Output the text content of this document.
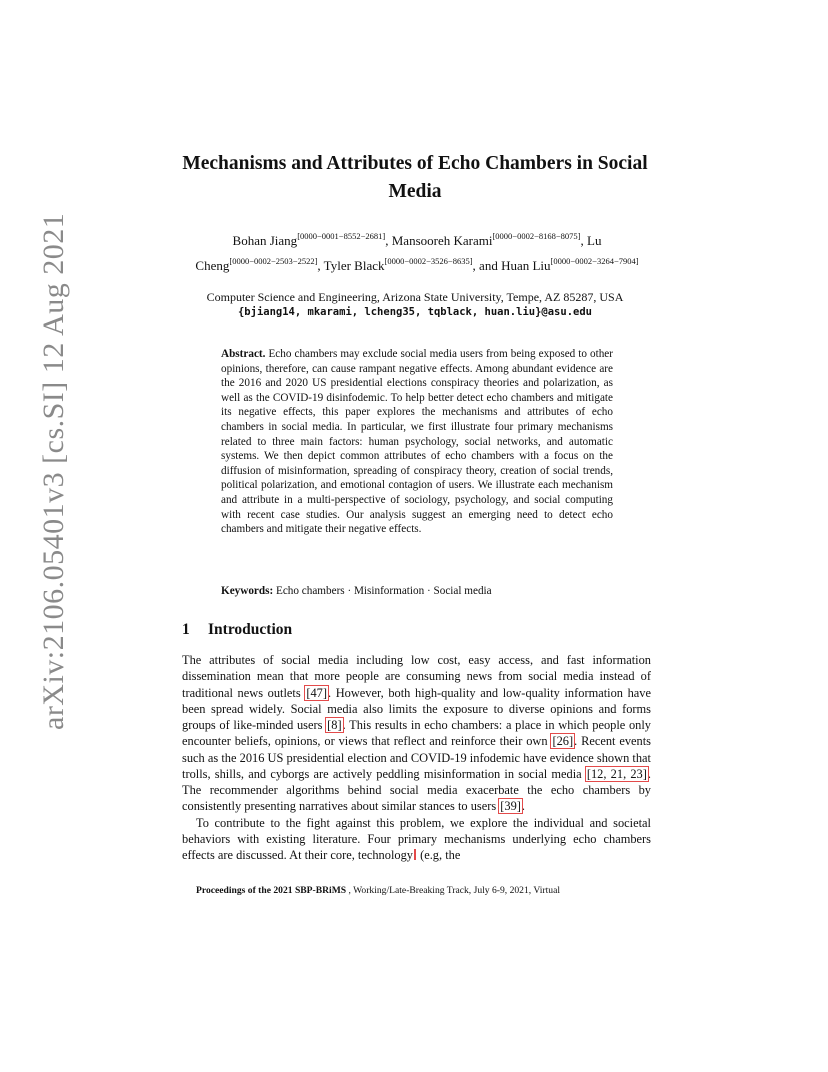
arXiv:2106.05401v3 [cs.SI] 12 Aug 2021
Mechanisms and Attributes of Echo Chambers in Social Media
Bohan Jiang[0000−0001−8552−2681], Mansooreh Karami[0000−0002−8168−8075], Lu Cheng[0000−0002−2503−2522], Tyler Black[0000−0002−3526−8635], and Huan Liu[0000−0002−3264−7904]
Computer Science and Engineering, Arizona State University, Tempe, AZ 85287, USA
{bjiang14, mkarami, lcheng35, tqblack, huan.liu}@asu.edu
Abstract. Echo chambers may exclude social media users from being exposed to other opinions, therefore, can cause rampant negative effects. Among abundant evidence are the 2016 and 2020 US presidential elections conspiracy theories and polarization, as well as the COVID-19 disinfodemic. To help better detect echo chambers and mitigate its negative effects, this paper explores the mechanisms and attributes of echo chambers in social media. In particular, we first illustrate four primary mechanisms related to three main factors: human psychology, social networks, and automatic systems. We then depict common attributes of echo chambers with a focus on the diffusion of misinformation, spreading of conspiracy theory, creation of social trends, political polarization, and emotional contagion of users. We illustrate each mechanism and attribute in a multi-perspective of sociology, psychology, and social computing with recent case studies. Our analysis suggest an emerging need to detect echo chambers and mitigate their negative effects.
Keywords: Echo chambers · Misinformation · Social media
1 Introduction

The attributes of social media including low cost, easy access, and fast information dissemination mean that more people are consuming news from social media instead of traditional news outlets [47]. However, both high-quality and low-quality information have been spread widely. Social media also limits the exposure to diverse opinions and forms groups of like-minded users [8]. This results in echo chambers: a place in which people only encounter beliefs, opinions, or views that reflect and reinforce their own [26]. Recent events such as the 2016 US presidential election and COVID-19 infodemic have evidence shown that trolls, shills, and cyborgs are actively peddling misinformation in social media [12, 21, 23]. The recommender algorithms behind social media exacerbate the echo chambers by consistently presenting narratives about similar stances to users [39].

To contribute to the fight against this problem, we explore the individual and societal behaviors with existing literature. Four primary mechanisms underlying echo chambers effects are discussed. At their core, technology (e.g, the

Proceedings of the 2021 SBP-BRiMS , Working/Late-Breaking Track, July 6-9, 2021, Virtual
